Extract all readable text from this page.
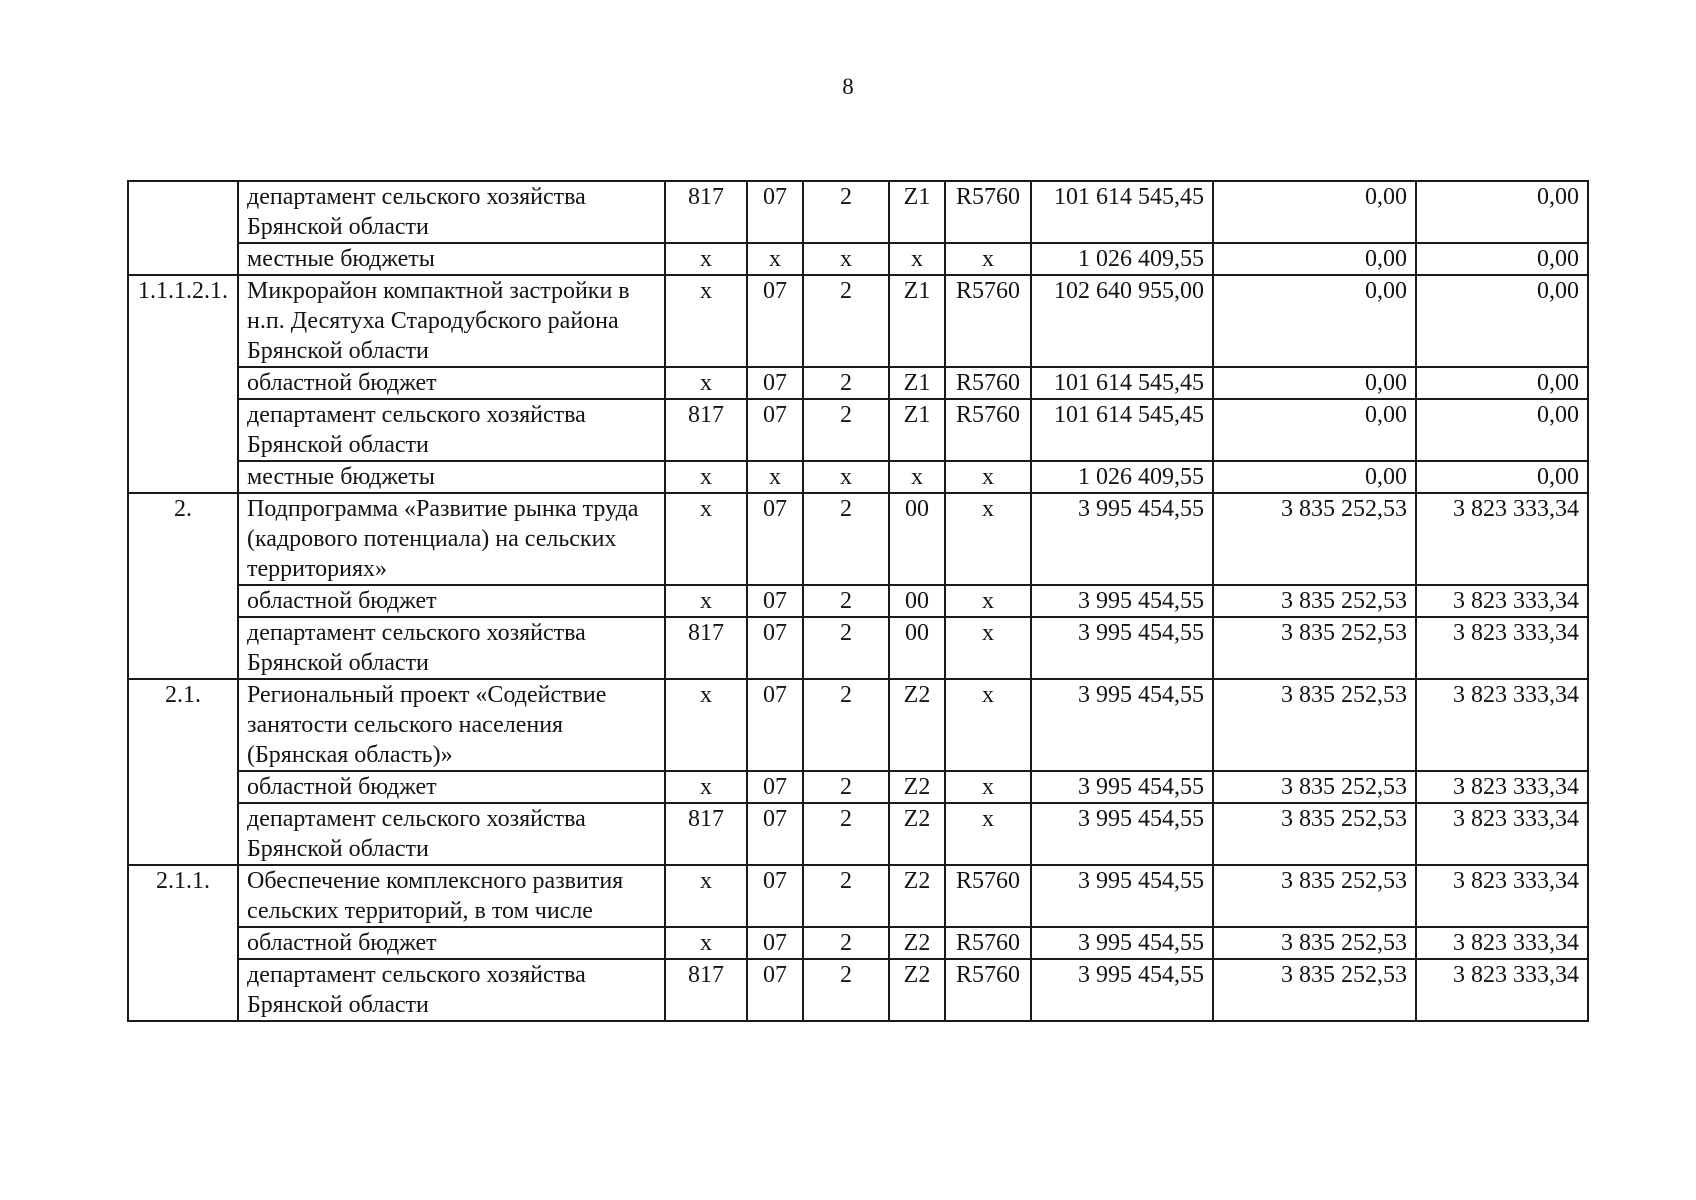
8
	департамент сельского хозяйства Брянской области	817	07	2	Z1	R5760	101 614 545,45	0,00	0,00
	местные бюджеты	х	х	х	х	х	1 026 409,55	0,00	0,00
1.1.1.2.1.	Микрорайон компактной застройки в н.п. Десятуха Стародубского района Брянской области	х	07	2	Z1	R5760	102 640 955,00	0,00	0,00
	областной бюджет	х	07	2	Z1	R5760	101 614 545,45	0,00	0,00
	департамент сельского хозяйства Брянской области	817	07	2	Z1	R5760	101 614 545,45	0,00	0,00
	местные бюджеты	х	х	х	х	х	1 026 409,55	0,00	0,00
2.	Подпрограмма «Развитие рынка труда (кадрового потенциала) на сельских территориях»	х	07	2	00	х	3 995 454,55	3 835 252,53	3 823 333,34
	областной бюджет	х	07	2	00	х	3 995 454,55	3 835 252,53	3 823 333,34
	департамент сельского хозяйства Брянской области	817	07	2	00	х	3 995 454,55	3 835 252,53	3 823 333,34
2.1.	Региональный проект «Содействие занятости сельского населения (Брянская область)»	х	07	2	Z2	х	3 995 454,55	3 835 252,53	3 823 333,34
	областной бюджет	х	07	2	Z2	х	3 995 454,55	3 835 252,53	3 823 333,34
	департамент сельского хозяйства Брянской области	817	07	2	Z2	х	3 995 454,55	3 835 252,53	3 823 333,34
2.1.1.	Обеспечение комплексного развития сельских территорий, в том числе	х	07	2	Z2	R5760	3 995 454,55	3 835 252,53	3 823 333,34
	областной бюджет	х	07	2	Z2	R5760	3 995 454,55	3 835 252,53	3 823 333,34
	департамент сельского хозяйства Брянской области	817	07	2	Z2	R5760	3 995 454,55	3 835 252,53	3 823 333,34
